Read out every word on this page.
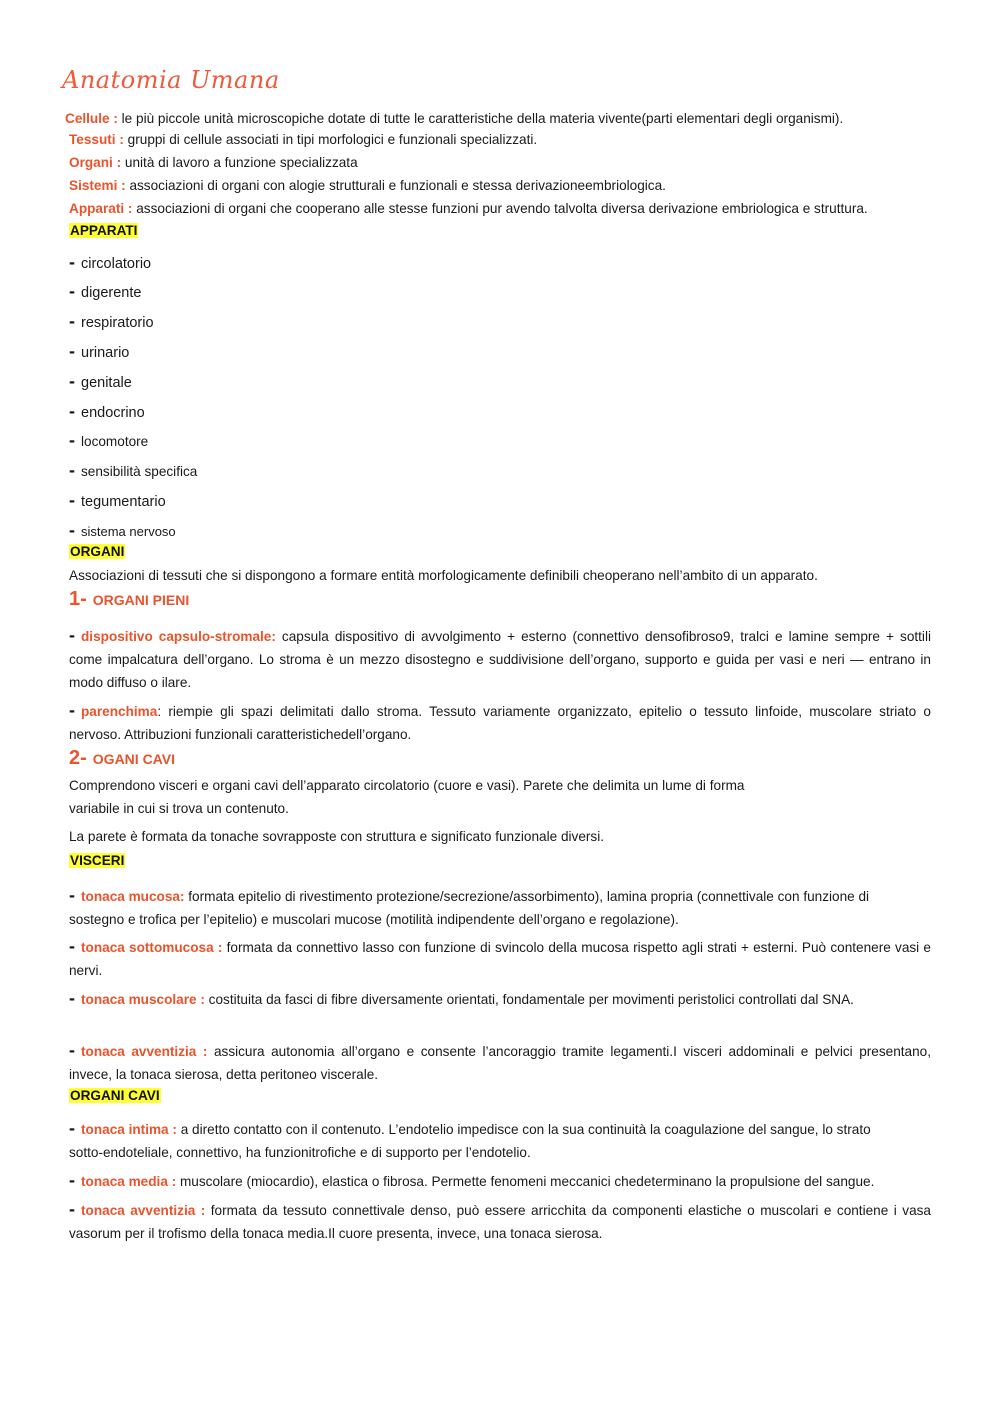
Anatomia Umana
Cellule : le più piccole unità microscopiche dotate di tutte le caratteristiche della materia vivente(parti elementari degli organismi).
Tessuti : gruppi di cellule associati in tipi morfologici e funzionali specializzati.
Organi : unità di lavoro a funzione specializzata
Sistemi : associazioni di organi con alogie strutturali e funzionali e stessa derivazioneembriologica.
Apparati : associazioni di organi che cooperano alle stesse funzioni pur avendo talvolta diversa derivazione embriologica e struttura.
APPARATI
- circolatorio
- digerente
- respiratorio
- urinario
- genitale
- endocrino
- locomotore
- sensibilità specifica
- tegumentario
- sistema nervoso
ORGANI
Associazioni di tessuti che si dispongono a formare entità morfologicamente definibili cheoperano nell’ambito di un apparato.
1- ORGANI PIENI
- dispositivo capsulo-stromale: capsula dispositivo di avvolgimento + esterno (connettivo densofibroso9, tralci e lamine sempre + sottili come impalcatura dell’organo. Lo stroma è un mezzo disostegno e suddivisione dell’organo, supporto e guida per vasi e neri — entrano in modo diffuso o ilare.
- parenchima: riempie gli spazi delimitati dallo stroma. Tessuto variamente organizzato, epitelio o tessuto linfoide, muscolare striato o nervoso. Attribuzioni funzionali caratteristichedell’organo.
2- OGANI CAVI
Comprendono visceri e organi cavi dell’apparato circolatorio (cuore e vasi). Parete che delimita un lume di forma variabile in cui si trova un contenuto.
La parete è formata da tonache sovrapposte con struttura e significato funzionale diversi.
VISCERI
- tonaca mucosa: formata epitelio di rivestimento protezione/secrezione/assorbimento), lamina propria (connettivale con funzione di sostegno e trofica per l’epitelio) e muscolari mucose (motilità indipendente dell’organo e regolazione).
- tonaca sottomucosa : formata da connettivo lasso con funzione di svincolo della mucosa rispetto agli strati + esterni. Può contenere vasi e nervi.
- tonaca muscolare : costituita da fasci di fibre diversamente orientati, fondamentale per movimenti peristolici controllati dal SNA.
- tonaca avventizia : assicura autonomia all’organo e consente l’ancoraggio tramite legamenti.I visceri addominali e pelvici presentano, invece, la tonaca sierosa, detta peritoneo viscerale.
ORGANI CAVI
- tonaca intima : a diretto contatto con il contenuto. L’endotelio impedisce con la sua continuità la coagulazione del sangue, lo strato sotto-endoteliale, connettivo, ha funzionitrofiche e di supporto per l’endotelio.
- tonaca media : muscolare (miocardio), elastica o fibrosa. Permette fenomeni meccanici chedeterminano la propulsione del sangue.
- tonaca avventizia : formata da tessuto connettivale denso, può essere arricchita da componenti elastiche o muscolari e contiene i vasa vasorum per il trofismo della tonaca media.Il cuore presenta, invece, una tonaca sierosa.
